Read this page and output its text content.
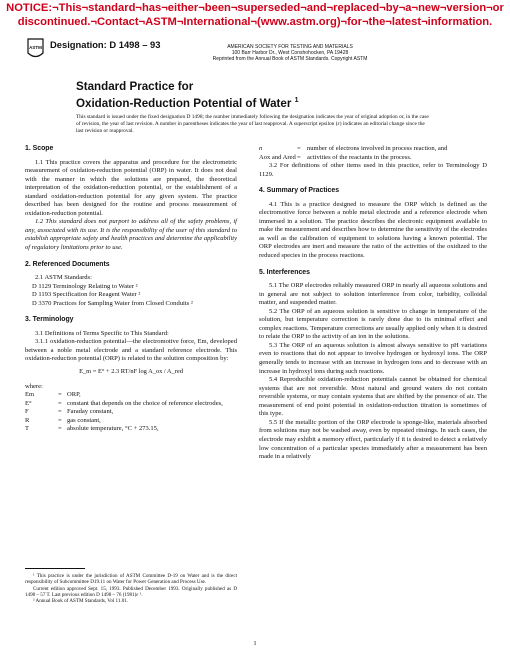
NOTICE:¬This¬standard¬has¬either¬been¬superseded¬and¬replaced¬by¬a¬new¬version¬or
discontinued.¬Contact¬ASTM¬International¬(www.astm.org)¬for¬the¬latest¬information.
ASTM Designation: D 1498 – 93	AMERICAN SOCIETY FOR TESTING AND MATERIALS
100 Barr Harbor Dr., West Conshohocken, PA 19428
Reprinted from the Annual Book of ASTM Standards. Copyright ASTM
Standard Practice for
Oxidation-Reduction Potential of Water $^1$
This standard is issued under the fixed designation D 1498; the number immediately following the designation indicates the year of original adoption or, in the case of revision, the year of last revision. A number in parentheses indicates the year of last reapproval. A superscript epsilon (ε) indicates an editorial change since the last revision or reapproval.
1. Scope

1.1 This practice covers the apparatus and procedure for the electrometric measurement of oxidation-reduction potential (ORP) in water. It does not deal with the manner in which the solutions are prepared, the theoretical interpretation of the oxidation-reduction potential, or the establishment of a standard oxidation-reduction potential for any given system. The practice described has been designed for the routine and process measurement of oxidation-reduction potential.

1.2 This standard does not purport to address all of the safety problems, if any, associated with its use. It is the responsibility of the user of this standard to establish appropriate safety and health practices and determine the applicability of regulatory limitations prior to use.

2. Referenced Documents

2.1 ASTM Standards:

D 1129 Terminology Relating to Water ²
D 1193 Specification for Reagent Water ²
D 3370 Practices for Sampling Water from Closed Conduits ²
3. Terminology

3.1 Definitions of Terms Specific to This Standard:

3.1.1 oxidation-reduction potential—the electromotive force, Em, developed between a noble metal electrode and a standard reference electrode. This oxidation-reduction potential (ORP) is related to the solution composition by:

E_m = E° + 2.3 RT/nF log A_ox / A_red
where:
Em	= ORP,
E°	= constant that depends on the choice of reference electrodes,
F	= Faraday constant,
R	= gas constant,
T	= absolute temperature, °C + 273.15,
n	= number of electrons involved in process reaction, and
Aox and Ared = activities of the reactants in the process.

3.2 For definitions of other items used in this practice, refer to Terminology D 1129.

4. Summary of Practices

4.1 This is a practice designed to measure the ORP which is defined as the electromotive force between a noble metal electrode and a reference electrode when immersed in a solution. The practice describes the electronic equipment available to make the measurement and describes how to determine the sensitivity of the electrodes as well as the calibration of equipment to solutions having a known potential. The ORP electrodes are inert and measure the ratio of the activities of the oxidized to the reduced species in the process reactions.

5. Interferences

5.1 The ORP electrodes reliably measured ORP in nearly all aqueous solutions and in general are not subject to solution interference from color, turbidity, colloidal matter, and suspended matter.

5.2 The ORP of an aqueous solution is sensitive to change in temperature of the solution, but temperature correction is rarely done due to its minimal effect and complex reactions. Temperature corrections are usually applied only when it is desired to relate the ORP to the activity of an ion in the solutions.

5.3 The ORP of an aqueous solution is almost always sensitive to pH variations even to reactions that do not appear to involve hydrogen or hydroxyl ions. The ORP generally tends to increase with an increase in hydrogen ions and to decrease with an increase in hydroxyl ions during such reactions.

5.4 Reproducible oxidation-reduction potentials cannot be obtained for chemical systems that are not reversible. Most natural and ground waters do not contain reversible systems, or may contain systems that are shifted by the presence of air. The measurement of end point potential in oxidation-reduction titration is sometimes of this type.

5.5 If the metallic portion of the ORP electrode is sponge-like, materials absorbed from solutions may not be washed away, even by repeated rinsings. In such cases, the electrode may exhibit a memory effect, particularly if it is desired to detect a relatively low concentration of a particular species immediately after a measurement has been made in a relatively

¹ This practice is under the jurisdiction of ASTM Committee D-19 on Water and is the direct responsibility of Subcommittee D19.11 on Water for Power Generation and Process Use.

Current edition approved Sept. 15, 1993. Published December 1993. Originally published as D 1498 – 57 T. Last previous edition D 1498 – 76 (1981)ε ¹.

² Annual Book of ASTM Standards, Vol 11.01.

1
